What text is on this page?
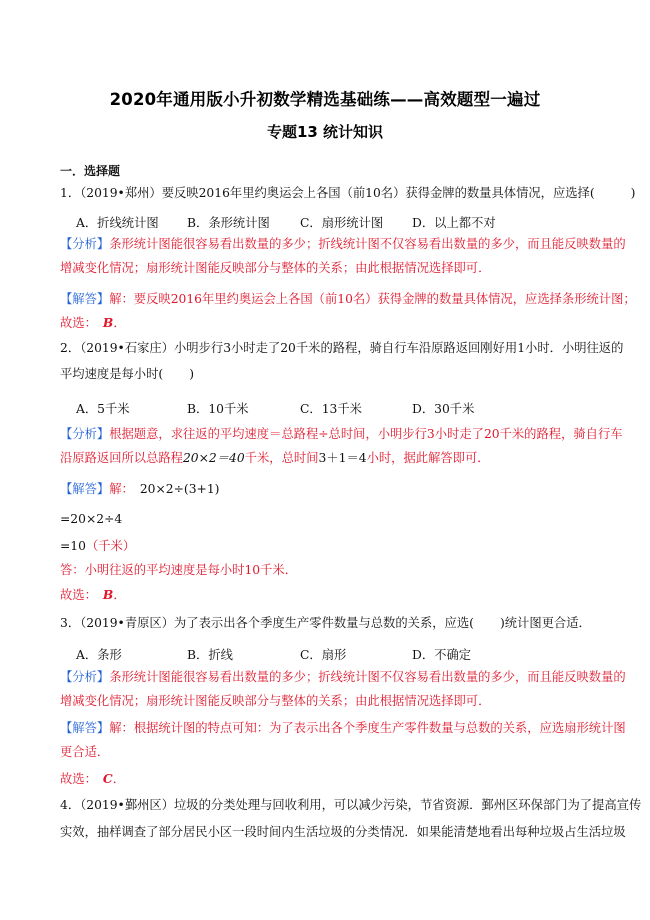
2020年通用版小升初数学精选基础练——高效题型一遍过
专题13 统计知识
一．选择题
1．（2019•郑州）要反映2016年里约奥运会上各国（前10名）获得金牌的数量具体情况，应选择(	)
A．折线统计图 B．条形统计图 C．扇形统计图 D．以上都不对
【分析】条形统计图能很容易看出数量的多少；折线统计图不仅容易看出数量的多少，而且能反映数量的
增减变化情况；扇形统计图能反映部分与整体的关系；由此根据情况选择即可．
【解答】解：要反映2016年里约奥运会上各国（前10名）获得金牌的数量具体情况，应选择条形统计图；
故选： B．
2．（2019•石家庄）小明步行3小时走了20千米的路程，骑自行车沿原路返回刚好用1小时．小明往返的
平均速度是每小时( )
A．5千米	B．10千米	C．13千米	D．30千米
【分析】根据题意，求往返的平均速度＝总路程÷总时间，小明步行3小时走了20千米的路程，骑自行车
沿原路返回所以总路程20×2＝40千米，总时间3＋1＝4小时，据此解答即可．
【解答】解： 20×2÷(3+1)
=20×2÷4
=10（千米）
答：小明往返的平均速度是每小时10千米．
故选： B．
3．（2019•青原区）为了表示出各个季度生产零件数量与总数的关系，应选( )统计图更合适．
A．条形	B．折线	C．扇形	D．不确定
【分析】条形统计图能很容易看出数量的多少；折线统计图不仅容易看出数量的多少，而且能反映数量的
增减变化情况；扇形统计图能反映部分与整体的关系；由此根据情况选择即可．
【解答】解：根据统计图的特点可知：为了表示出各个季度生产零件数量与总数的关系，应选扇形统计图
更合适．
故选： C．
4．（2019•鄞州区）垃圾的分类处理与回收利用，可以减少污染，节省资源．鄞州区环保部门为了提高宣传
实效，抽样调查了部分居民小区一段时间内生活垃圾的分类情况．如果能清楚地看出每种垃圾占生活垃圾
